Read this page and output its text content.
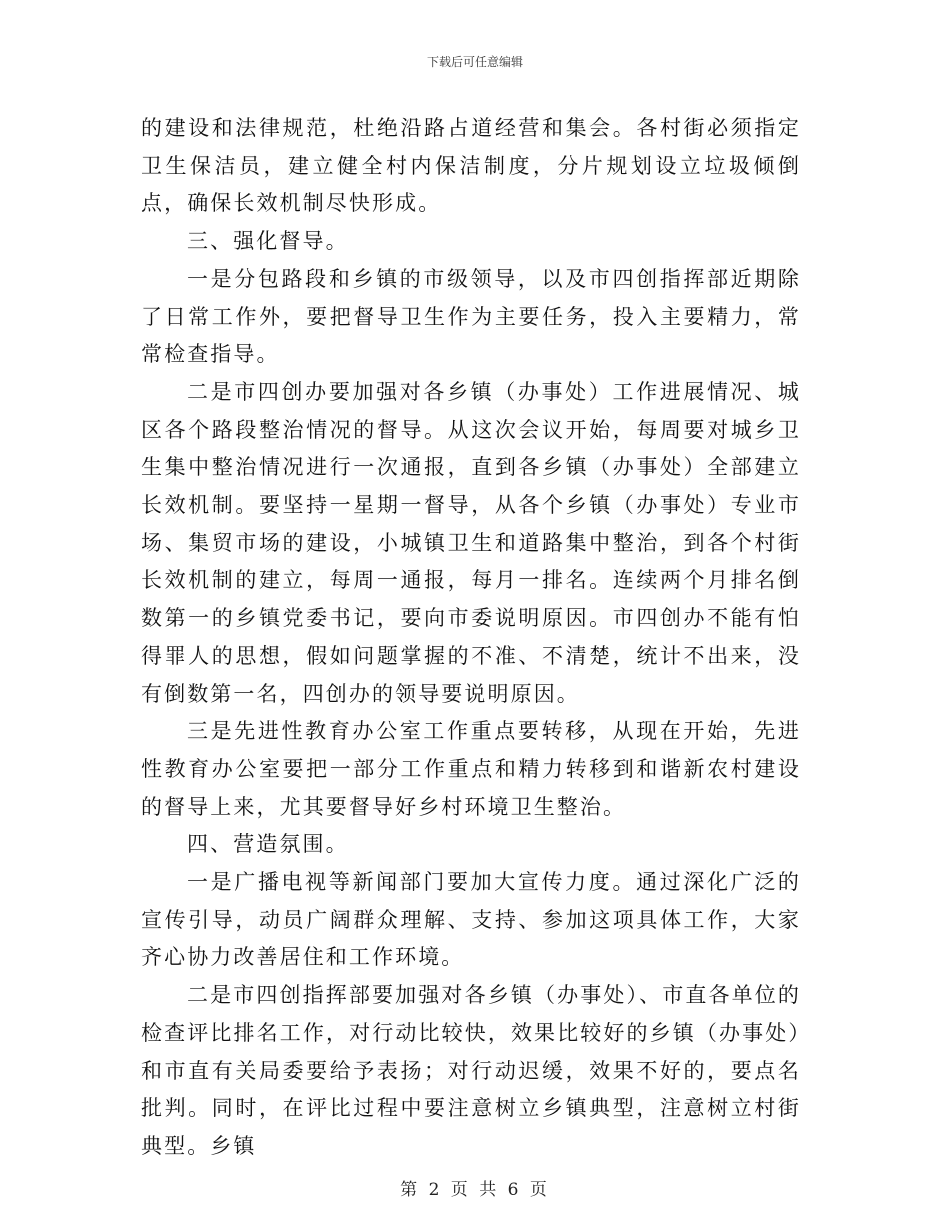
下载后可任意编辑

的建设和法律规范，杜绝沿路占道经营和集会。各村街必须指定卫生保洁员，建立健全村内保洁制度，分片规划设立垃圾倾倒点，确保长效机制尽快形成。

三、强化督导。

一是分包路段和乡镇的市级领导，以及市四创指挥部近期除了日常工作外，要把督导卫生作为主要任务，投入主要精力，常常检查指导。

二是市四创办要加强对各乡镇（办事处）工作进展情况、城区各个路段整治情况的督导。从这次会议开始，每周要对城乡卫生集中整治情况进行一次通报，直到各乡镇（办事处）全部建立长效机制。要坚持一星期一督导，从各个乡镇（办事处）专业市场、集贸市场的建设，小城镇卫生和道路集中整治，到各个村街长效机制的建立，每周一通报，每月一排名。连续两个月排名倒数第一的乡镇党委书记，要向市委说明原因。市四创办不能有怕得罪人的思想，假如问题掌握的不准、不清楚，统计不出来，没有倒数第一名，四创办的领导要说明原因。

三是先进性教育办公室工作重点要转移，从现在开始，先进性教育办公室要把一部分工作重点和精力转移到和谐新农村建设的督导上来，尤其要督导好乡村环境卫生整治。

四、营造氛围。

一是广播电视等新闻部门要加大宣传力度。通过深化广泛的宣传引导，动员广阔群众理解、支持、参加这项具体工作，大家齐心协力改善居住和工作环境。

二是市四创指挥部要加强对各乡镇（办事处）、市直各单位的检查评比排名工作，对行动比较快，效果比较好的乡镇（办事处）和市直有关局委要给予表扬；对行动迟缓，效果不好的，要点名批判。同时，在评比过程中要注意树立乡镇典型，注意树立村街典型。乡镇

第 2 页 共 6 页
